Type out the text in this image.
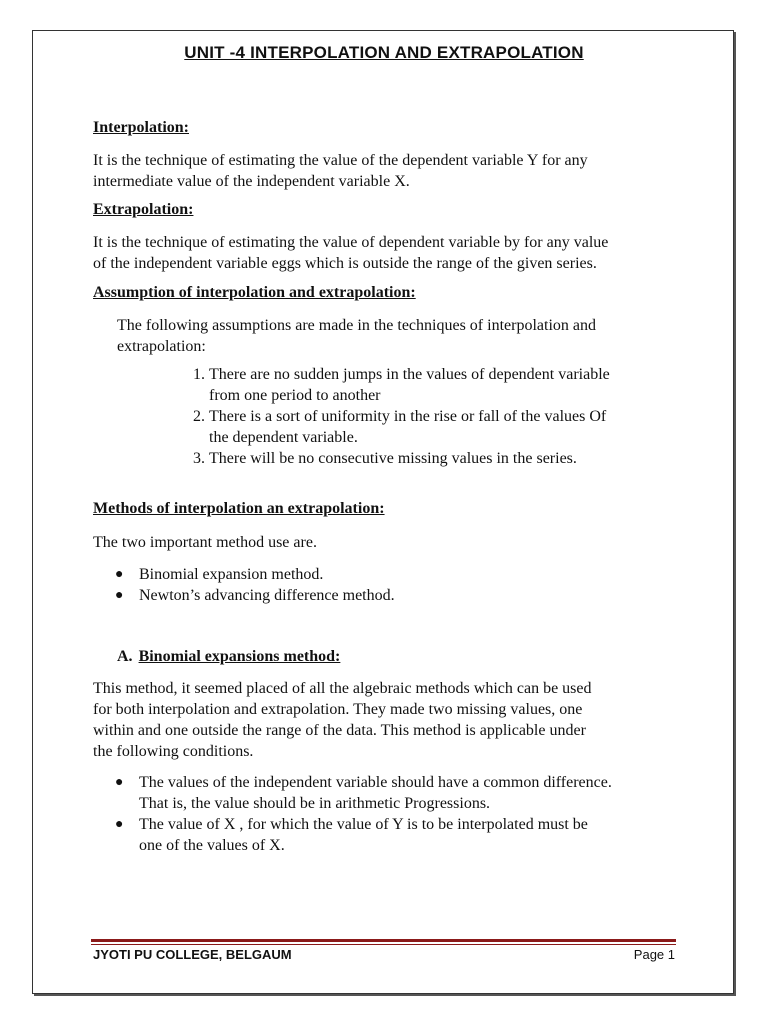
UNIT -4 INTERPOLATION AND EXTRAPOLATION
Interpolation:
It is the technique of estimating the value of the dependent variable Y for any
intermediate value of the independent variable X.
Extrapolation:
It is the technique of estimating the value of dependent variable by for any value
of the independent variable eggs which is outside the range of the given series.
Assumption of interpolation and extrapolation:
The following assumptions are made in the techniques of interpolation and
extrapolation:
1. There are no sudden jumps in the values of dependent variable
from one period to another
2. There is a sort of uniformity in the rise or fall of the values Of
the dependent variable.
3. There will be no consecutive missing values in the series.
Methods of interpolation an extrapolation:
The two important method use are.
● Binomial expansion method.
● Newton’s advancing difference method.
A. Binomial expansions method:
This method, it seemed placed of all the algebraic methods which can be used
for both interpolation and extrapolation. They made two missing values, one
within and one outside the range of the data. This method is applicable under
the following conditions.
● The values of the independent variable should have a common difference.
That is, the value should be in arithmetic Progressions.
● The value of X , for which the value of Y is to be interpolated must be
one of the values of X.
JYOTI PU COLLEGE, BELGAUM	Page 1
